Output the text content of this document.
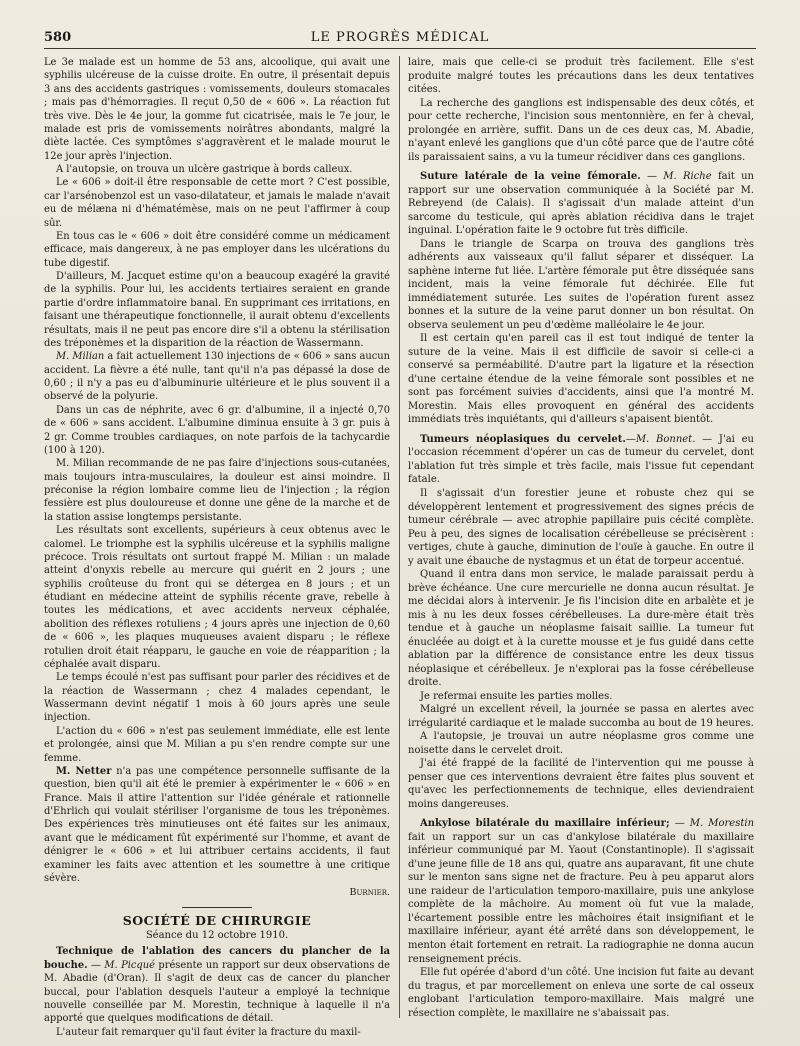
580	LE PROGRÈS MÉDICAL

Le 3e malade est un homme de 53 ans, alcoolique, qui avait une syphilis ulcéreuse de la cuisse droite. En outre, il présentait depuis 3 ans des accidents gastriques : vomissements, douleurs stomacales ; mais pas d'hémorragies. Il reçut 0,50 de « 606 ». La réaction fut très vive. Dès le 4e jour, la gomme fut cicatrisée, mais le 7e jour, le malade est pris de vomissements noirâtres abondants, malgré la diète lactée. Ces symptômes s'aggravèrent et le malade mourut le 12e jour après l'injection.

A l'autopsie, on trouva un ulcère gastrique à bords calleux.

Le « 606 » doit-il être responsable de cette mort ? C'est possible, car l'arsénobenzol est un vaso-dilatateur, et jamais le malade n'avait eu de mélæna ni d'hématémèse, mais on ne peut l'affirmer à coup sûr.

En tous cas le « 606 » doit être considéré comme un médicament efficace, mais dangereux, à ne pas employer dans les ulcérations du tube digestif.

D'ailleurs, M. Jacquet estime qu'on a beaucoup exagéré la gravité de la syphilis. Pour lui, les accidents tertiaires seraient en grande partie d'ordre inflammatoire banal. En supprimant ces irritations, en faisant une thérapeutique fonctionnelle, il aurait obtenu d'excellents résultats, mais il ne peut pas encore dire s'il a obtenu la stérilisation des tréponèmes et la disparition de la réaction de Wassermann.

M. Milian a fait actuellement 130 injections de « 606 » sans aucun accident. La fièvre a été nulle, tant qu'il n'a pas dépassé la dose de 0,60 ; il n'y a pas eu d'albuminurie ultérieure et le plus souvent il a observé de la polyurie.

Dans un cas de néphrite, avec 6 gr. d'albumine, il a injecté 0,70 de « 606 » sans accident. L'albumine diminua ensuite à 3 gr. puis à 2 gr. Comme troubles cardiaques, on note parfois de la tachycardie (100 à 120).

M. Milian recommande de ne pas faire d'injections sous-cutanées, mais toujours intra-musculaires, la douleur est ainsi moindre. Il préconise la région lombaire comme lieu de l'injection ; la région fessière est plus douloureuse et donne une gêne de la marche et de la station assise longtemps persistante.

Les résultats sont excellents, supérieurs à ceux obtenus avec le calomel. Le triomphe est la syphilis ulcéreuse et la syphilis maligne précoce. Trois résultats ont surtout frappé M. Milian : un malade atteint d'onyxis rebelle au mercure qui guérit en 2 jours ; une syphilis croûteuse du front qui se détergea en 8 jours ; et un étudiant en médecine atteint de syphilis récente grave, rebelle à toutes les médications, et avec accidents nerveux céphalée, abolition des réflexes rotuliens ; 4 jours après une injection de 0,60 de « 606 », les plaques muqueuses avaient disparu ; le réflexe rotulien droit était réapparu, le gauche en voie de réapparition ; la céphalée avait disparu.

Le temps écoulé n'est pas suffisant pour parler des récidives et de la réaction de Wassermann ; chez 4 malades cependant, le Wassermann devint négatif 1 mois à 60 jours après une seule injection.

L'action du « 606 » n'est pas seulement immédiate, elle est lente et prolongée, ainsi que M. Milian a pu s'en rendre compte sur une femme.

M. Netter n'a pas une compétence personnelle suffisante de la question, bien qu'il ait été le premier à expérimenter le « 606 » en France. Mais il attire l'attention sur l'idée générale et rationnelle d'Ehrlich qui voulait stériliser l'organisme de tous les tréponèmes. Des expériences très minutieuses ont été faites sur les animaux, avant que le médicament fût expérimenté sur l'homme, et avant de dénigrer le « 606 » et lui attribuer certains accidents, il faut examiner les faits avec attention et les soumettre à une critique sévère.

Burnier.
SOCIÉTÉ DE CHIRURGIE
Séance du 12 octobre 1910.

Technique de l'ablation des cancers du plancher de la bouche. — M. Picqué présente un rapport sur deux observations de M. Abadie (d'Oran). Il s'agit de deux cas de cancer du plancher buccal, pour l'ablation desquels l'auteur a employé la technique nouvelle conseillée par M. Morestin, technique à laquelle il n'a apporté que quelques modifications de détail.

L'auteur fait remarquer qu'il faut éviter la fracture du maxil-

laire, mais que celle-ci se produit très facilement. Elle s'est produite malgré toutes les précautions dans les deux tentatives citées.

La recherche des ganglions est indispensable des deux côtés, et pour cette recherche, l'incision sous mentonnière, en fer à cheval, prolongée en arrière, suffit. Dans un de ces deux cas, M. Abadie, n'ayant enlevé les ganglions que d'un côté parce que de l'autre côté ils paraissaient sains, a vu la tumeur récidiver dans ces ganglions.

Suture latérale de la veine fémorale. — M. Riche fait un rapport sur une observation communiquée à la Société par M. Rebreyend (de Calais). Il s'agissait d'un malade atteint d'un sarcome du testicule, qui après ablation récidiva dans le trajet inguinal. L'opération faite le 9 octobre fut très difficile.

Dans le triangle de Scarpa on trouva des ganglions très adhérents aux vaisseaux qu'il fallut séparer et disséquer. La saphène interne fut liée. L'artère fémorale put être disséquée sans incident, mais la veine fémorale fut déchirée. Elle fut immédiatement suturée. Les suites de l'opération furent assez bonnes et la suture de la veine parut donner un bon résultat. On observa seulement un peu d'œdème malléolaire le 4e jour.

Il est certain qu'en pareil cas il est tout indiqué de tenter la suture de la veine. Mais il est difficile de savoir si celle-ci a conservé sa perméabilité. D'autre part la ligature et la résection d'une certaine étendue de la veine fémorale sont possibles et ne sont pas forcément suivies d'accidents, ainsi que l'a montré M. Morestin. Mais elles provoquent en général des accidents immédiats très inquiétants, qui d'ailleurs s'apaisent bientôt.

Tumeurs néoplasiques du cervelet.—M. Bonnet. — J'ai eu l'occasion récemment d'opérer un cas de tumeur du cervelet, dont l'ablation fut très simple et très facile, mais l'issue fut cependant fatale.

Il s'agissait d'un forestier jeune et robuste chez qui se développèrent lentement et progressivement des signes précis de tumeur cérébrale — avec atrophie papillaire puis cécité complète. Peu à peu, des signes de localisation cérébelleuse se précisèrent : vertiges, chute à gauche, diminution de l'ouïe à gauche. En outre il y avait une ébauche de nystagmus et un état de torpeur accentué.

Quand il entra dans mon service, le malade paraissait perdu à brève échéance. Une cure mercurielle ne donna aucun résultat. Je me décidai alors à intervenir. Je fis l'incision dite en arbalète et je mis à nu les deux fosses cérébelleuses. La dure-mère était très tendue et à gauche un néoplasme faisait saillie. La tumeur fut énucléée au doigt et à la curette mousse et je fus guidé dans cette ablation par la différence de consistance entre les deux tissus néoplasique et cérébelleux. Je n'explorai pas la fosse cérébelleuse droite.

Je refermai ensuite les parties molles.

Malgré un excellent réveil, la journée se passa en alertes avec irrégularité cardiaque et le malade succomba au bout de 19 heures.

A l'autopsie, je trouvai un autre néoplasme gros comme une noisette dans le cervelet droit.

J'ai été frappé de la facilité de l'intervention qui me pousse à penser que ces interventions devraient être faites plus souvent et qu'avec les perfectionnements de technique, elles deviendraient moins dangereuses.

Ankylose bilatérale du maxillaire inférieur; — M. Morestin fait un rapport sur un cas d'ankylose bilatérale du maxillaire inférieur communiqué par M. Yaout (Constantinople). Il s'agissait d'une jeune fille de 18 ans qui, quatre ans auparavant, fit une chute sur le menton sans signe net de fracture. Peu à peu apparut alors une raideur de l'articulation temporo-maxillaire, puis une ankylose complète de la mâchoire. Au moment où fut vue la malade, l'écartement possible entre les mâchoires était insignifiant et le maxillaire inférieur, ayant été arrêté dans son développement, le menton était fortement en retrait. La radiographie ne donna aucun renseignement précis.

Elle fut opérée d'abord d'un côté. Une incision fut faite au devant du tragus, et par morcellement on enleva une sorte de cal osseux englobant l'articulation temporo-maxillaire. Mais malgré une résection complète, le maxillaire ne s'abaissait pas.
